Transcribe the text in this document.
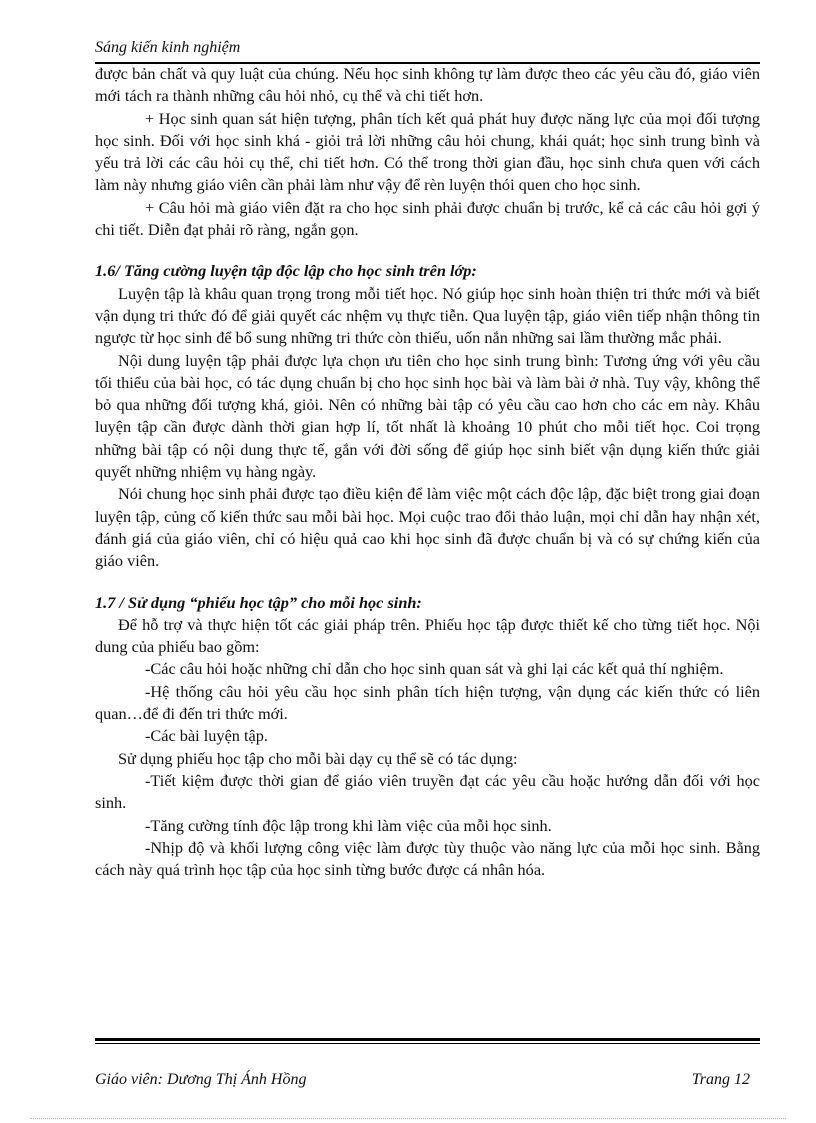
Sáng kiến kinh nghiệm

được bản chất và quy luật của chúng. Nếu học sinh không tự làm được theo các yêu cầu đó, giáo viên mới tách ra thành những câu hỏi nhỏ, cụ thể và chi tiết hơn.

+ Học sinh quan sát hiện tượng, phân tích kết quả phát huy được năng lực của mọi đối tượng học sinh. Đối với học sinh khá - giỏi trả lời những câu hỏi chung, khái quát; học sinh trung bình và yếu trả lời các câu hỏi cụ thể, chi tiết hơn. Có thể trong thời gian đầu, học sinh chưa quen với cách làm này nhưng giáo viên cần phải làm như vậy để rèn luyện thói quen cho học sinh.

+ Câu hỏi mà giáo viên đặt ra cho học sinh phải được chuẩn bị trước, kể cả các câu hỏi gợi ý chi tiết. Diễn đạt phải rõ ràng, ngắn gọn.

1.6/ Tăng cường luyện tập độc lập cho học sinh trên lớp:

Luyện tập là khâu quan trọng trong mỗi tiết học. Nó giúp học sinh hoàn thiện tri thức mới và biết vận dụng tri thức đó để giải quyết các nhệm vụ thực tiễn. Qua luyện tập, giáo viên tiếp nhận thông tin ngược từ học sinh để bổ sung những tri thức còn thiếu, uốn nắn những sai lầm thường mắc phải.

Nội dung luyện tập phải được lựa chọn ưu tiên cho học sinh trung bình: Tương ứng với yêu cầu tối thiểu của bài học, có tác dụng chuẩn bị cho học sinh học bài và làm bài ở nhà. Tuy vậy, không thể bỏ qua những đối tượng khá, giỏi. Nên có những bài tập có yêu cầu cao hơn cho các em này. Khâu luyện tập cần được dành thời gian hợp lí, tốt nhất là khoảng 10 phút cho mỗi tiết học. Coi trọng những bài tập có nội dung thực tế, gắn với đời sống để giúp học sinh biết vận dụng kiến thức giải quyết những nhiệm vụ hàng ngày.

Nói chung học sinh phải được tạo điều kiện để làm việc một cách độc lập, đặc biệt trong giai đoạn luyện tập, củng cố kiến thức sau mỗi bài học. Mọi cuộc trao đổi thảo luận, mọi chỉ dẫn hay nhận xét, đánh giá của giáo viên, chỉ có hiệu quả cao khi học sinh đã được chuẩn bị và có sự chứng kiến của giáo viên.

1.7 / Sử dụng “phiếu học tập” cho mỗi học sinh:

Để hỗ trợ và thực hiện tốt các giải pháp trên. Phiếu học tập được thiết kế cho từng tiết học. Nội dung của phiếu bao gồm:

-Các câu hỏi hoặc những chỉ dẫn cho học sinh quan sát và ghi lại các kết quả thí nghiệm.

-Hệ thống câu hỏi yêu cầu học sinh phân tích hiện tượng, vận dụng các kiến thức có liên quan…để đi đến tri thức mới.

-Các bài luyện tập.

Sử dụng phiếu học tập cho mỗi bài dạy cụ thể sẽ có tác dụng:

-Tiết kiệm được thời gian để giáo viên truyền đạt các yêu cầu hoặc hướng dẫn đối với học sinh.

-Tăng cường tính độc lập trong khi làm việc của mỗi học sinh.

-Nhịp độ và khối lượng công việc làm được tùy thuộc vào năng lực của mỗi học sinh. Bằng cách này quá trình học tập của học sinh từng bước được cá nhân hóa.

Giáo viên: Dương Thị Ánh Hồng	Trang 12
